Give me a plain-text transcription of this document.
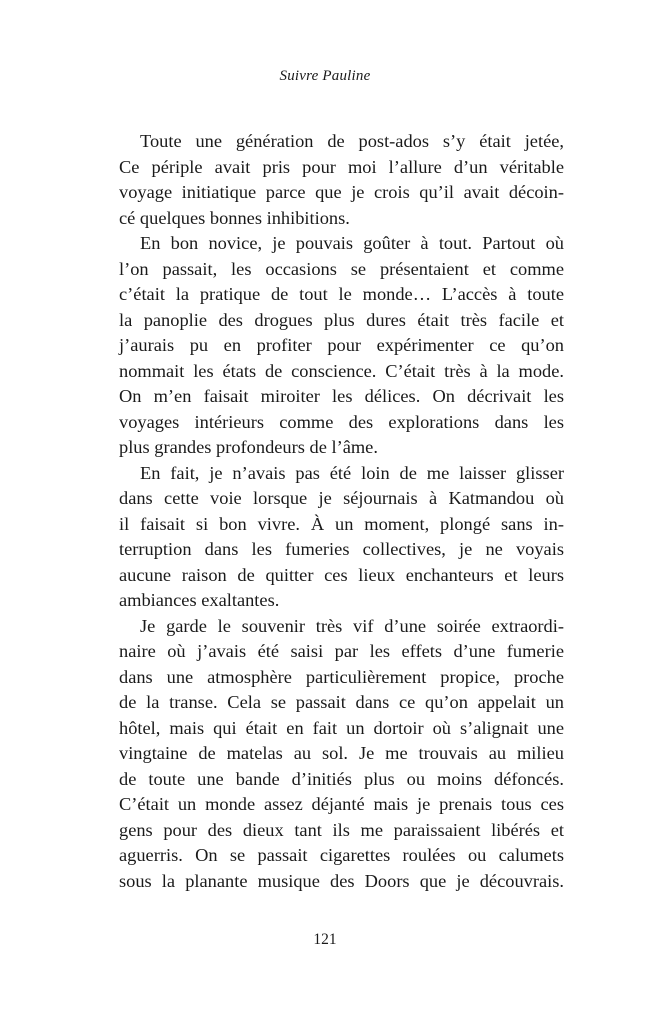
Suivre Pauline

Toute une génération de post-ados s’y était jetée,
Ce périple avait pris pour moi l’allure d’un véritable
voyage initiatique parce que je crois qu’il avait décoin-
cé quelques bonnes inhibitions.

En bon novice, je pouvais goûter à tout. Partout où
l’on passait, les occasions se présentaient et comme
c’était la pratique de tout le monde… L’accès à toute
la panoplie des drogues plus dures était très facile et
j’aurais pu en profiter pour expérimenter ce qu’on
nommait les états de conscience. C’était très à la mode.
On m’en faisait miroiter les délices. On décrivait les
voyages intérieurs comme des explorations dans les
plus grandes profondeurs de l’âme.

En fait, je n’avais pas été loin de me laisser glisser
dans cette voie lorsque je séjournais à Katmandou où
il faisait si bon vivre. À un moment, plongé sans in-
terruption dans les fumeries collectives, je ne voyais
aucune raison de quitter ces lieux enchanteurs et leurs
ambiances exaltantes.

Je garde le souvenir très vif d’une soirée extraordi-
naire où j’avais été saisi par les effets d’une fumerie
dans une atmosphère particulièrement propice, proche
de la transe. Cela se passait dans ce qu’on appelait un
hôtel, mais qui était en fait un dortoir où s’alignait une
vingtaine de matelas au sol. Je me trouvais au milieu
de toute une bande d’initiés plus ou moins défoncés.
C’était un monde assez déjanté mais je prenais tous ces
gens pour des dieux tant ils me paraissaient libérés et
aguerris. On se passait cigarettes roulées ou calumets
sous la planante musique des Doors que je découvrais.

121
